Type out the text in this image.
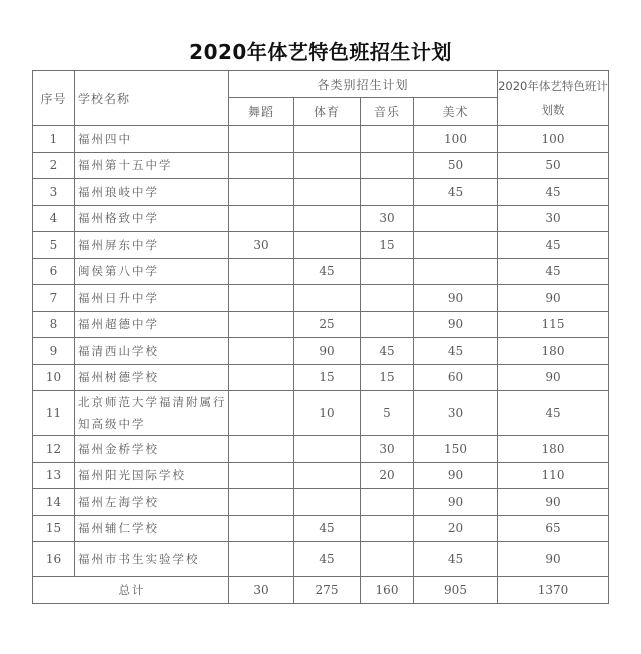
2020年体艺特色班招生计划
序号	学校名称	各类别招生计划				2020年体艺特色班计划数
		舞蹈	体育	音乐	美术	
1	福州四中				100	100
2	福州第十五中学				50	50
3	福州琅岐中学				45	45
4	福州格致中学			30		30
5	福州屏东中学	30		15		45
6	闽侯第八中学		45			45
7	福州日升中学				90	90
8	福州超德中学		25		90	115
9	福清西山学校		90	45	45	180
10	福州树德学校		15	15	60	90
11	北京师范大学福清附属行知高级中学		10	5	30	45
12	福州金桥学校			30	150	180
13	福州阳光国际学校			20	90	110
14	福州左海学校				90	90
15	福州辅仁学校		45		20	65
16	福州市书生实验学校		45		45	90
总计		30	275	160	905	1370
